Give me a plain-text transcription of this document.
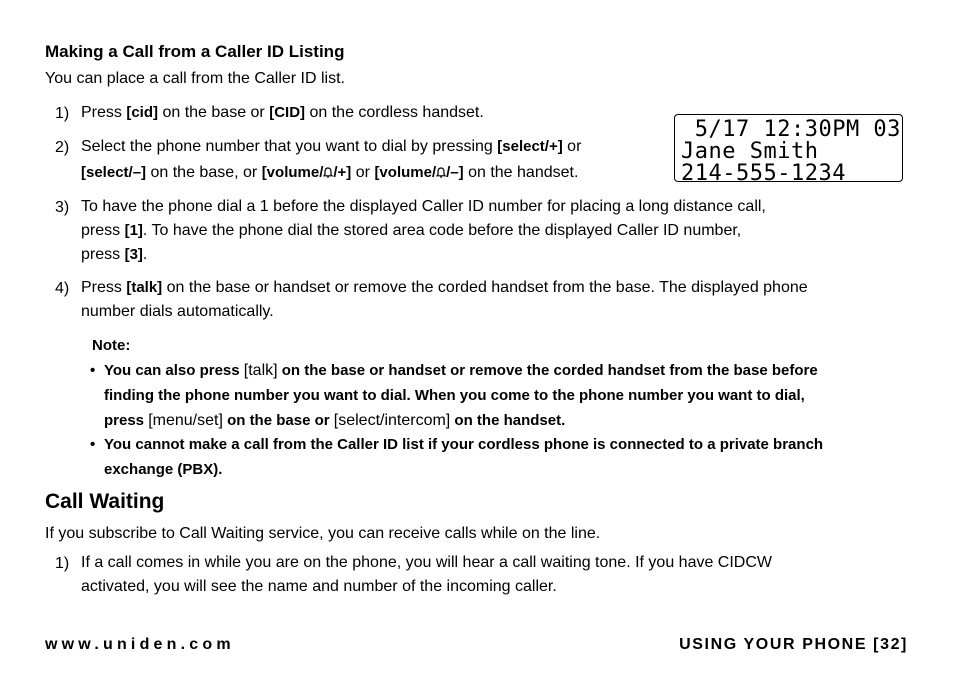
Making a Call from a Caller ID Listing
You can place a call from the Caller ID list.
1) Press [cid] on the base or [CID] on the cordless handset.
2) Select the phone number that you want to dial by pressing [select/+] or
[select/–] on the base, or [volume/ /+] or [volume/ /–] on the handset.
5/17 12:30PM 03
Jane Smith
214-555-1234
3) To have the phone dial a 1 before the displayed Caller ID number for placing a long distance call,
press [1]. To have the phone dial the stored area code before the displayed Caller ID number,
press [3].
4) Press [talk] on the base or handset or remove the corded handset from the base. The displayed phone
number dials automatically.
Note:
• You can also press [talk] on the base or handset or remove the corded handset from the base before
finding the phone number you want to dial. When you come to the phone number you want to dial,
press [menu/set] on the base or [select/intercom] on the handset.
• You cannot make a call from the Caller ID list if your cordless phone is connected to a private branch
exchange (PBX).
Call Waiting
If you subscribe to Call Waiting service, you can receive calls while on the line.
1) If a call comes in while you are on the phone, you will hear a call waiting tone. If you have CIDCW
activated, you will see the name and number of the incoming caller.
www.uniden.com	USING YOUR PHONE [32]
